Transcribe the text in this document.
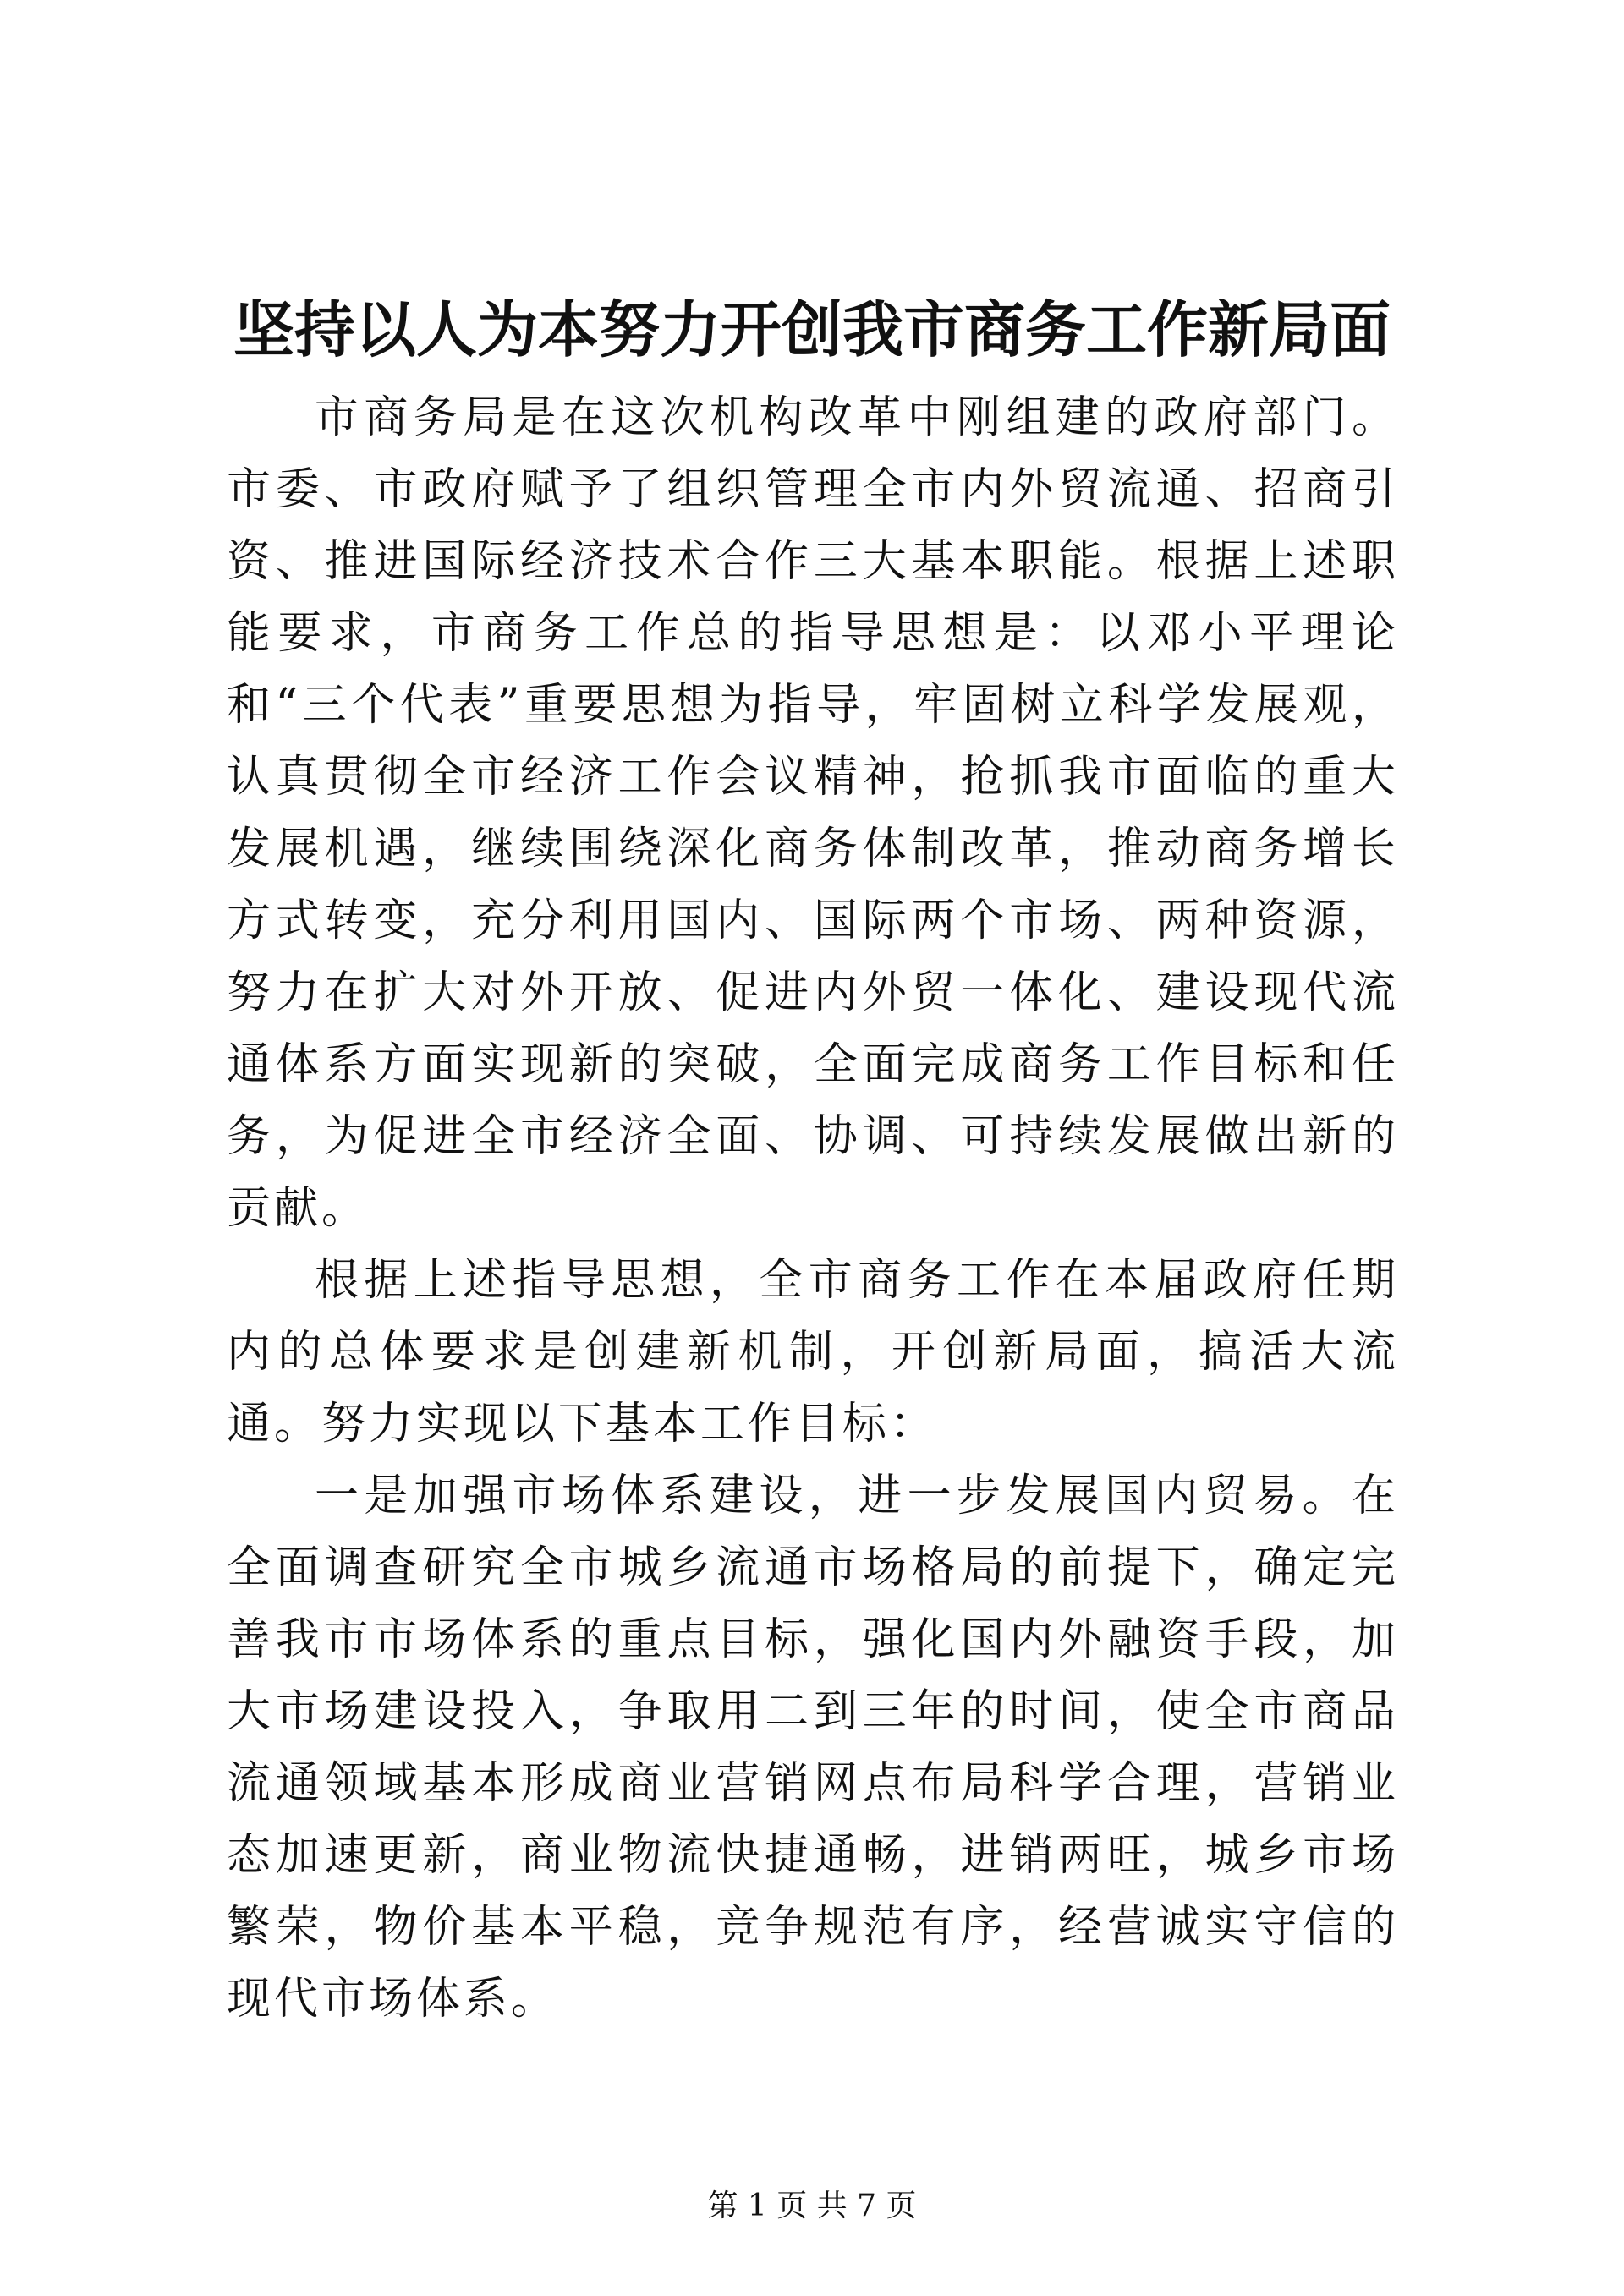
坚持以人为本努力开创我市商务工作新局面

市商务局是在这次机构改革中刚组建的政府部门。市委、市政府赋予了组织管理全市内外贸流通、招商引资、推进国际经济技术合作三大基本职能。根据上述职能要求，市商务工作总的指导思想是：以邓小平理论和“三个代表”重要思想为指导，牢固树立科学发展观，认真贯彻全市经济工作会议精神，抢抓我市面临的重大发展机遇，继续围绕深化商务体制改革，推动商务增长方式转变，充分利用国内、国际两个市场、两种资源，努力在扩大对外开放、促进内外贸一体化、建设现代流通体系方面实现新的突破，全面完成商务工作目标和任务，为促进全市经济全面、协调、可持续发展做出新的贡献。

根据上述指导思想，全市商务工作在本届政府任期内的总体要求是创建新机制，开创新局面，搞活大流通。努力实现以下基本工作目标：

一是加强市场体系建设，进一步发展国内贸易。在全面调查研究全市城乡流通市场格局的前提下，确定完善我市市场体系的重点目标，强化国内外融资手段，加大市场建设投入，争取用二到三年的时间，使全市商品流通领域基本形成商业营销网点布局科学合理，营销业态加速更新，商业物流快捷通畅，进销两旺，城乡市场繁荣，物价基本平稳，竞争规范有序，经营诚实守信的现代市场体系。

第 1 页 共 7 页
